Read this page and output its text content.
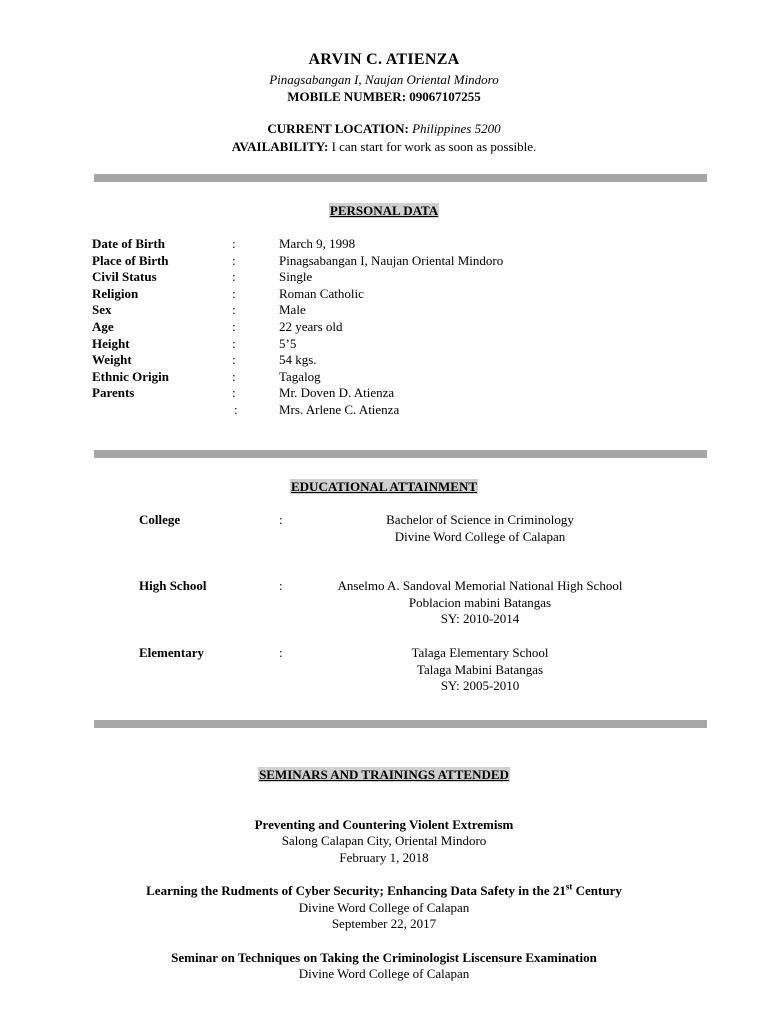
ARVIN C. ATIENZA
Pinagsabangan I, Naujan Oriental Mindoro
MOBILE NUMBER: 09067107255
CURRENT LOCATION: Philippines 5200
AVAILABILITY: I can start for work as soon as possible.
PERSONAL DATA
Date of Birth	:	March 9, 1998
Place of Birth	:	Pinagsabangan I, Naujan Oriental Mindoro
Civil Status	:	Single
Religion	:	Roman Catholic
Sex	:	Male
Age	:	22 years old
Height	:	5’5
Weight	:	54 kgs.
Ethnic Origin	:	Tagalog
Parents	:	Mr. Doven D. Atienza
:	Mrs. Arlene C. Atienza
EDUCATIONAL ATTAINMENT
College	:	Bachelor of Science in Criminology
Divine Word College of Calapan
High School	:	Anselmo A. Sandoval Memorial National High School
Poblacion mabini Batangas
SY: 2010-2014
Elementary	:	Talaga Elementary School
Talaga Mabini Batangas
SY: 2005-2010
SEMINARS AND TRAININGS ATTENDED
Preventing and Countering Violent Extremism
Salong Calapan City, Oriental Mindoro
February 1, 2018
Learning the Rudments of Cyber Security; Enhancing Data Safety in the 21st Century
Divine Word College of Calapan
September 22, 2017
Seminar on Techniques on Taking the Criminologist Liscensure Examination
Divine Word College of Calapan
